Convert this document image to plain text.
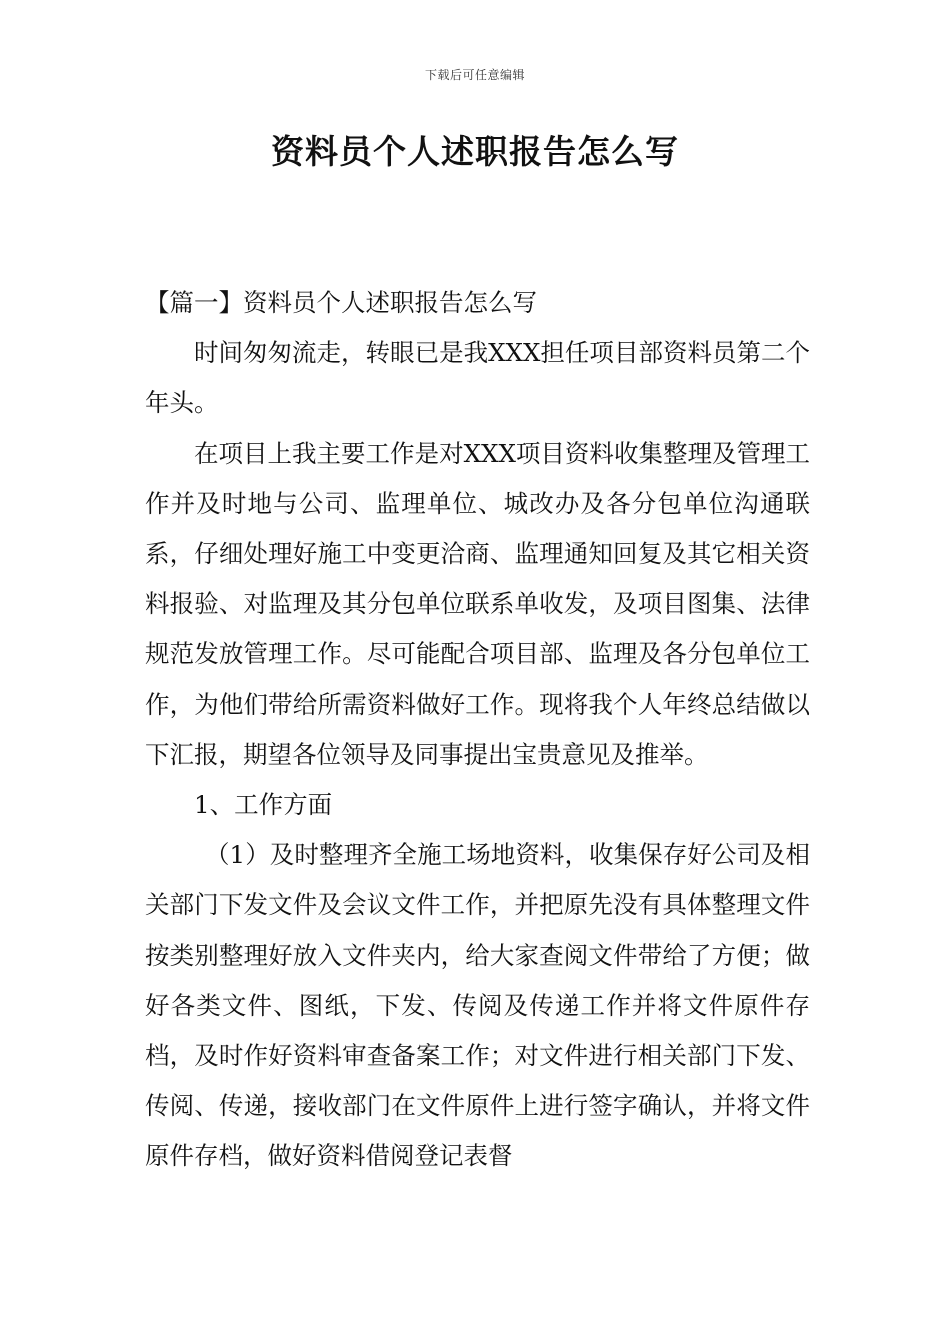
下载后可任意编辑
资料员个人述职报告怎么写

【篇一】资料员个人述职报告怎么写

时间匆匆流走，转眼已是我XXX担任项目部资料员第二个年头。

在项目上我主要工作是对XXX项目资料收集整理及管理工作并及时地与公司、监理单位、城改办及各分包单位沟通联系，仔细处理好施工中变更洽商、监理通知回复及其它相关资料报验、对监理及其分包单位联系单收发，及项目图集、法律规范发放管理工作。尽可能配合项目部、监理及各分包单位工作，为他们带给所需资料做好工作。现将我个人年终总结做以下汇报，期望各位领导及同事提出宝贵意见及推举。

1、工作方面

（1）及时整理齐全施工场地资料，收集保存好公司及相关部门下发文件及会议文件工作，并把原先没有具体整理文件按类别整理好放入文件夹内，给大家查阅文件带给了方便；做好各类文件、图纸，下发、传阅及传递工作并将文件原件存档，及时作好资料审查备案工作；对文件进行相关部门下发、传阅、传递，接收部门在文件原件上进行签字确认，并将文件原件存档，做好资料借阅登记表督
